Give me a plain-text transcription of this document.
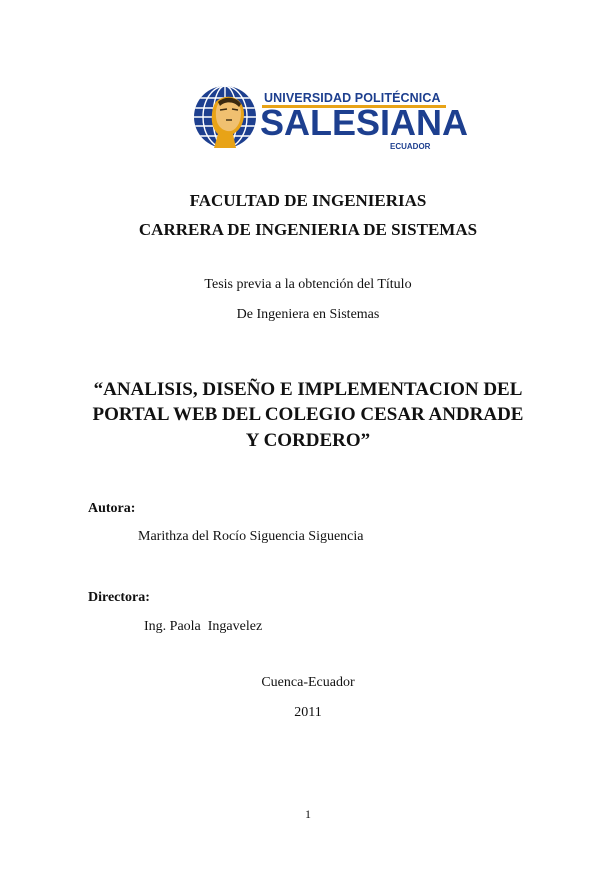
UNIVERSIDAD POLITÉCNICA
SALESIANA
ECUADOR
FACULTAD DE INGENIERIAS
CARRERA DE INGENIERIA DE SISTEMAS
Tesis previa a la obtención del Título
De Ingeniera en Sistemas
“ANALISIS, DISEÑO E IMPLEMENTACION DEL
PORTAL WEB DEL COLEGIO CESAR ANDRADE
Y CORDERO”
Autora:
Marithza del Rocío Siguencia Siguencia
Directora:
Ing. Paola  Ingavelez
Cuenca-Ecuador
2011
1
